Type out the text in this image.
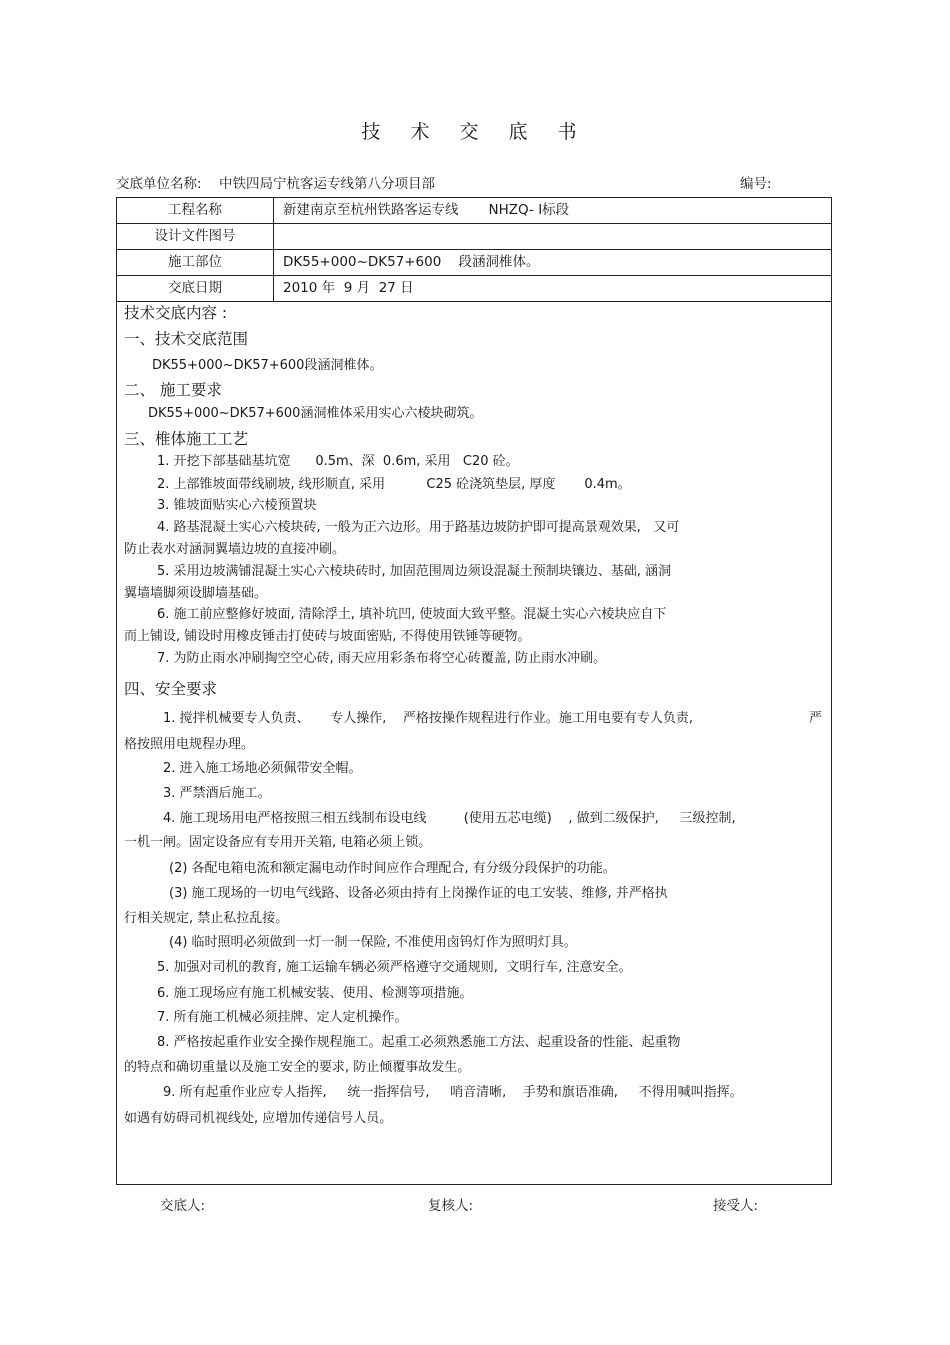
技 术 交 底 书
交底单位名称: 中铁四局宁杭客运专线第八分项目部	编号:
工程名称	新建南京至杭州铁路客运专线       NHZQ- Ⅰ标段
设计文件图号
施工部位	DK55+000~DK57+600    段涵洞椎体。
交底日期	2010 年  9 月  27 日
技术交底内容 :
一、技术交底范围
DK55+000~DK57+600段涵洞椎体。
二、 施工要求
DK55+000~DK57+600涵洞椎体采用实心六棱块砌筑。
三、椎体施工工艺
1. 开挖下部基础基坑宽      0.5m、深  0.6m, 采用   C20 砼。
2. 上部锥坡面带线刷坡, 线形顺直, 采用          C25 砼浇筑垫层, 厚度       0.4m。
3. 锥坡面贴实心六棱预置块
4. 路基混凝土实心六棱块砖, 一般为正六边形。用于路基边坡防护即可提高景观效果,   又可
防止表水对涵洞翼墙边坡的直接冲刷。
5. 采用边坡满铺混凝土实心六棱块砖时, 加固范围周边须设混凝土预制块镶边、基础, 涵洞
翼墙墙脚须设脚墙基础。
6. 施工前应整修好坡面, 清除浮土, 填补坑凹, 使坡面大致平整。混凝土实心六棱块应自下
而上铺设, 铺设时用橡皮锤击打使砖与坡面密贴, 不得使用铁锤等硬物。
7. 为防止雨水冲刷掏空空心砖, 雨天应用彩条布将空心砖覆盖, 防止雨水冲刷。
四、安全要求
1. 搅拌机械要专人负责、     专人操作,    严格按操作规程进行作业。施工用电要有专人负责,	严
格按照用电规程办理。
2. 进入施工场地必须佩带安全帽。
3. 严禁酒后施工。
4. 施工现场用电严格按照三相五线制布设电线         (使用五芯电缆)    , 做到二级保护,     三级控制,
一机一闸。固定设备应有专用开关箱, 电箱必须上锁。
(2) 各配电箱电流和额定漏电动作时间应作合理配合, 有分级分段保护的功能。
(3) 施工现场的一切电气线路、设备必须由持有上岗操作证的电工安装、维修, 并严格执
行相关规定, 禁止私拉乱接。
(4) 临时照明必须做到一灯一制一保险, 不准使用卤钨灯作为照明灯具。
5. 加强对司机的教育, 施工运输车辆必须严格遵守交通规则,  文明行车, 注意安全。
6. 施工现场应有施工机械安装、使用、检测等项措施。
7. 所有施工机械必须挂牌、定人定机操作。
8. 严格按起重作业安全操作规程施工。起重工必须熟悉施工方法、起重设备的性能、起重物
的特点和确切重量以及施工安全的要求, 防止倾覆事故发生。
9. 所有起重作业应专人指挥,     统一指挥信号,     哨音清晰,    手势和旗语准确,     不得用喊叫指挥。
如遇有妨碍司机视线处, 应增加传递信号人员。
交底人:	复核人:	接受人:
